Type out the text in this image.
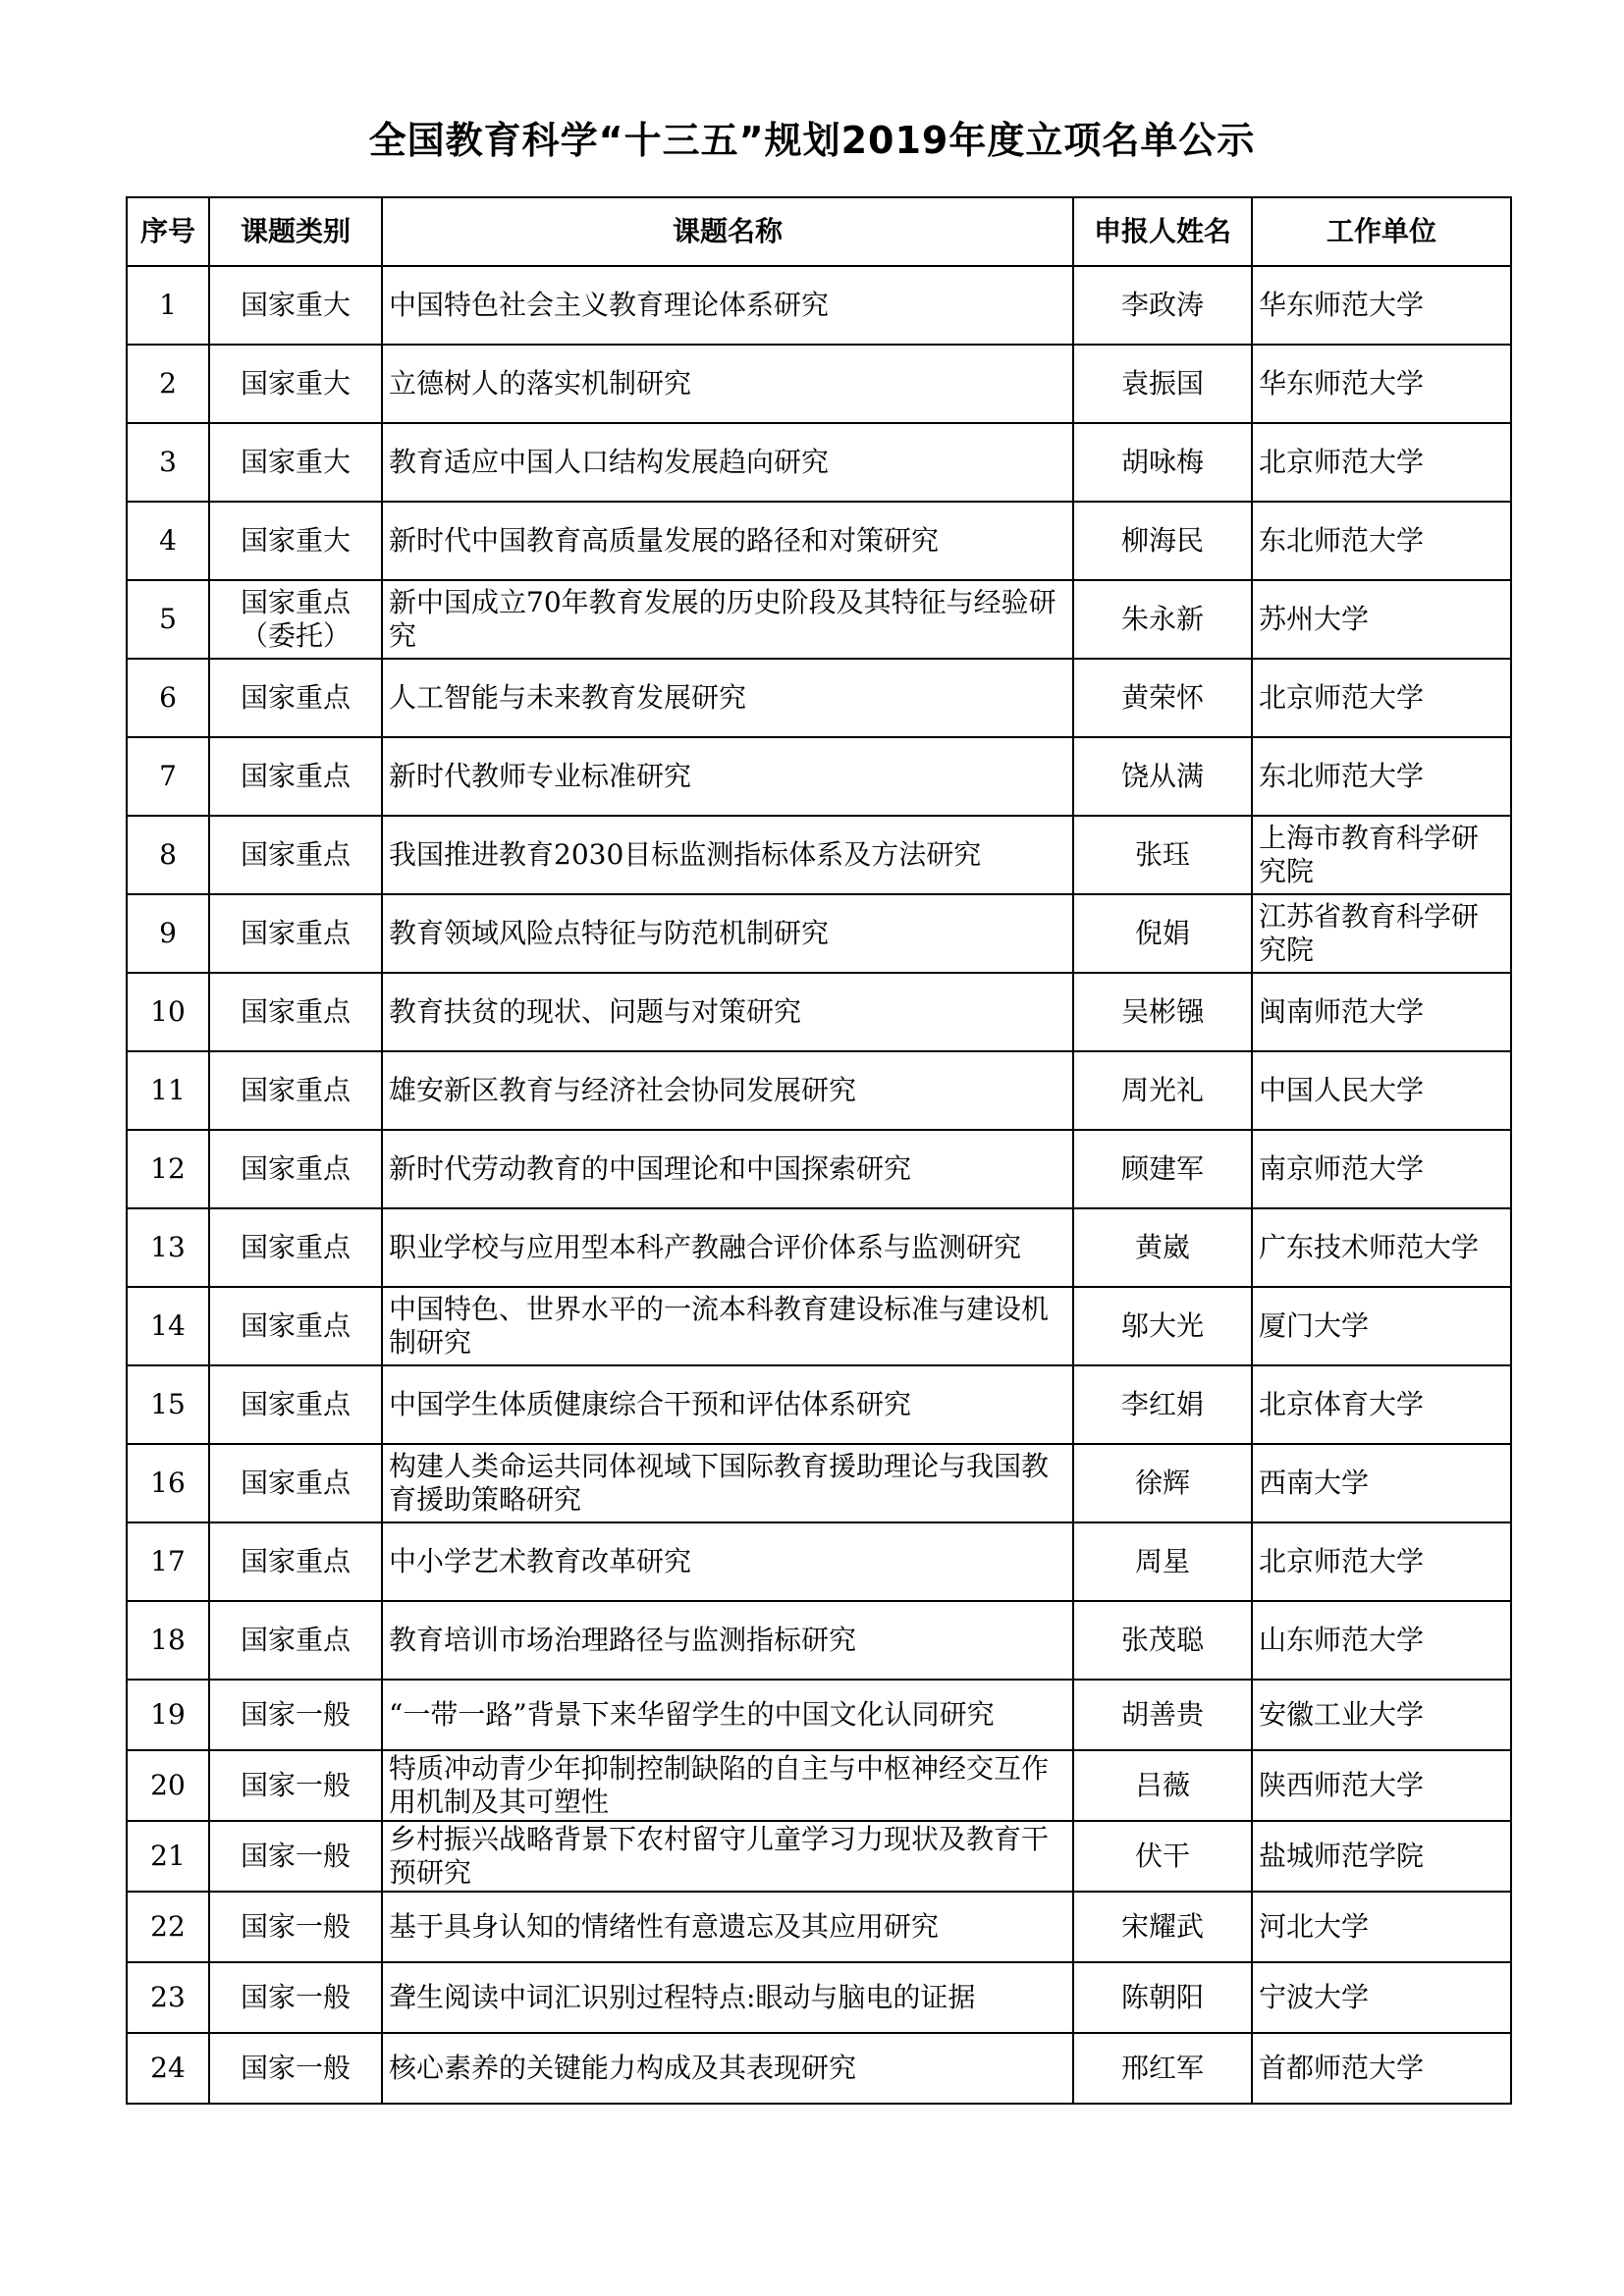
全国教育科学“十三五”规划2019年度立项名单公示
序号	课题类别	课题名称	申报人姓名	工作单位
1	国家重大	中国特色社会主义教育理论体系研究	李政涛	华东师范大学
2	国家重大	立德树人的落实机制研究	袁振国	华东师范大学
3	国家重大	教育适应中国人口结构发展趋向研究	胡咏梅	北京师范大学
4	国家重大	新时代中国教育高质量发展的路径和对策研究	柳海民	东北师范大学
5	国家重点（委托）	新中国成立70年教育发展的历史阶段及其特征与经验研究	朱永新	苏州大学
6	国家重点	人工智能与未来教育发展研究	黄荣怀	北京师范大学
7	国家重点	新时代教师专业标准研究	饶从满	东北师范大学
8	国家重点	我国推进教育2030目标监测指标体系及方法研究	张珏	上海市教育科学研究院
9	国家重点	教育领域风险点特征与防范机制研究	倪娟	江苏省教育科学研究院
10	国家重点	教育扶贫的现状、问题与对策研究	吴彬镪	闽南师范大学
11	国家重点	雄安新区教育与经济社会协同发展研究	周光礼	中国人民大学
12	国家重点	新时代劳动教育的中国理论和中国探索研究	顾建军	南京师范大学
13	国家重点	职业学校与应用型本科产教融合评价体系与监测研究	黄崴	广东技术师范大学
14	国家重点	中国特色、世界水平的一流本科教育建设标准与建设机制研究	邬大光	厦门大学
15	国家重点	中国学生体质健康综合干预和评估体系研究	李红娟	北京体育大学
16	国家重点	构建人类命运共同体视域下国际教育援助理论与我国教育援助策略研究	徐辉	西南大学
17	国家重点	中小学艺术教育改革研究	周星	北京师范大学
18	国家重点	教育培训市场治理路径与监测指标研究	张茂聪	山东师范大学
19	国家一般	“一带一路”背景下来华留学生的中国文化认同研究	胡善贵	安徽工业大学
20	国家一般	特质冲动青少年抑制控制缺陷的自主与中枢神经交互作用机制及其可塑性	吕薇	陕西师范大学
21	国家一般	乡村振兴战略背景下农村留守儿童学习力现状及教育干预研究	伏干	盐城师范学院
22	国家一般	基于具身认知的情绪性有意遗忘及其应用研究	宋耀武	河北大学
23	国家一般	聋生阅读中词汇识别过程特点:眼动与脑电的证据	陈朝阳	宁波大学
24	国家一般	核心素养的关键能力构成及其表现研究	邢红军	首都师范大学
